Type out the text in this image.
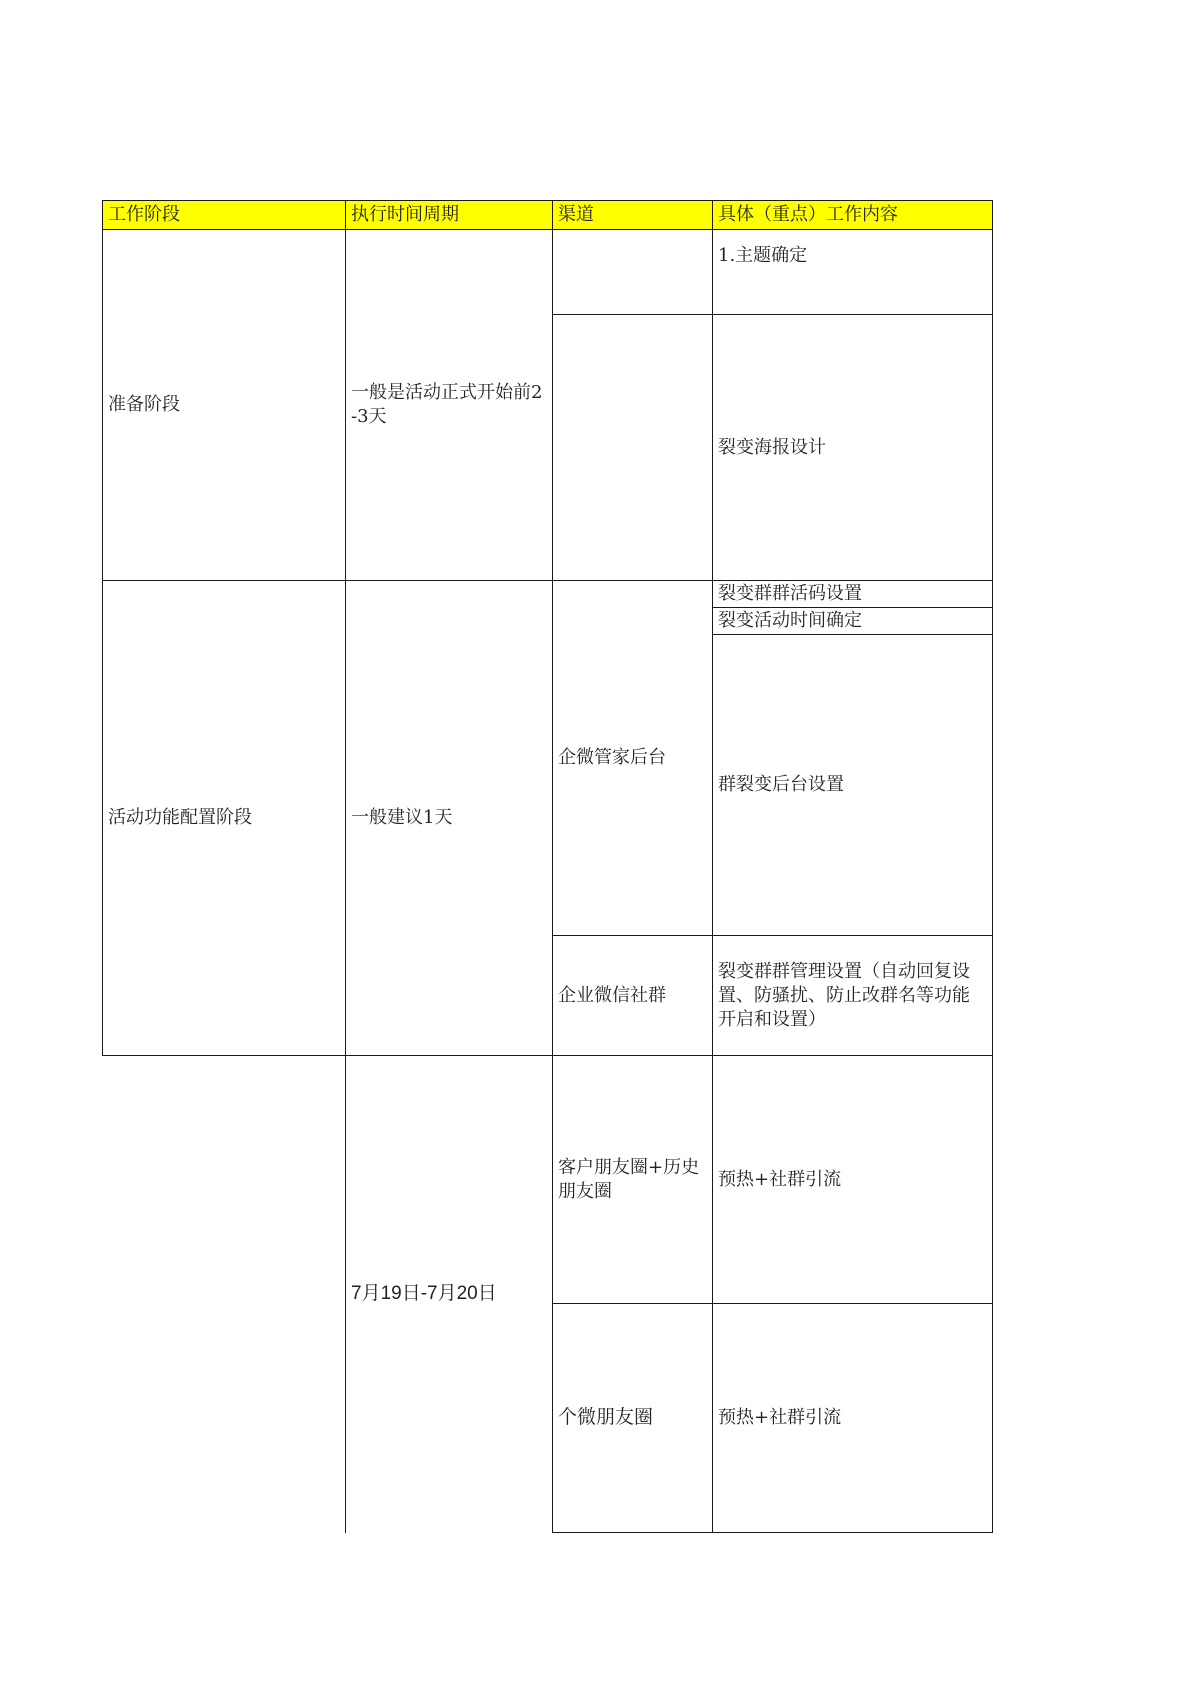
工作阶段	执行时间周期	渠道	具体（重点）工作内容
准备阶段	一般是活动正式开始前2-3天		1.主题确定
			裂变海报设计
活动功能配置阶段	一般建议1天	企微管家后台	裂变群群活码设置
			裂变活动时间确定
			群裂变后台设置
		企业微信社群	裂变群群管理设置（自动回复设置、防骚扰、防止改群名等功能开启和设置）
	7月19日-7月20日	客户朋友圈+历史朋友圈	预热+社群引流
		个微朋友圈	预热+社群引流
